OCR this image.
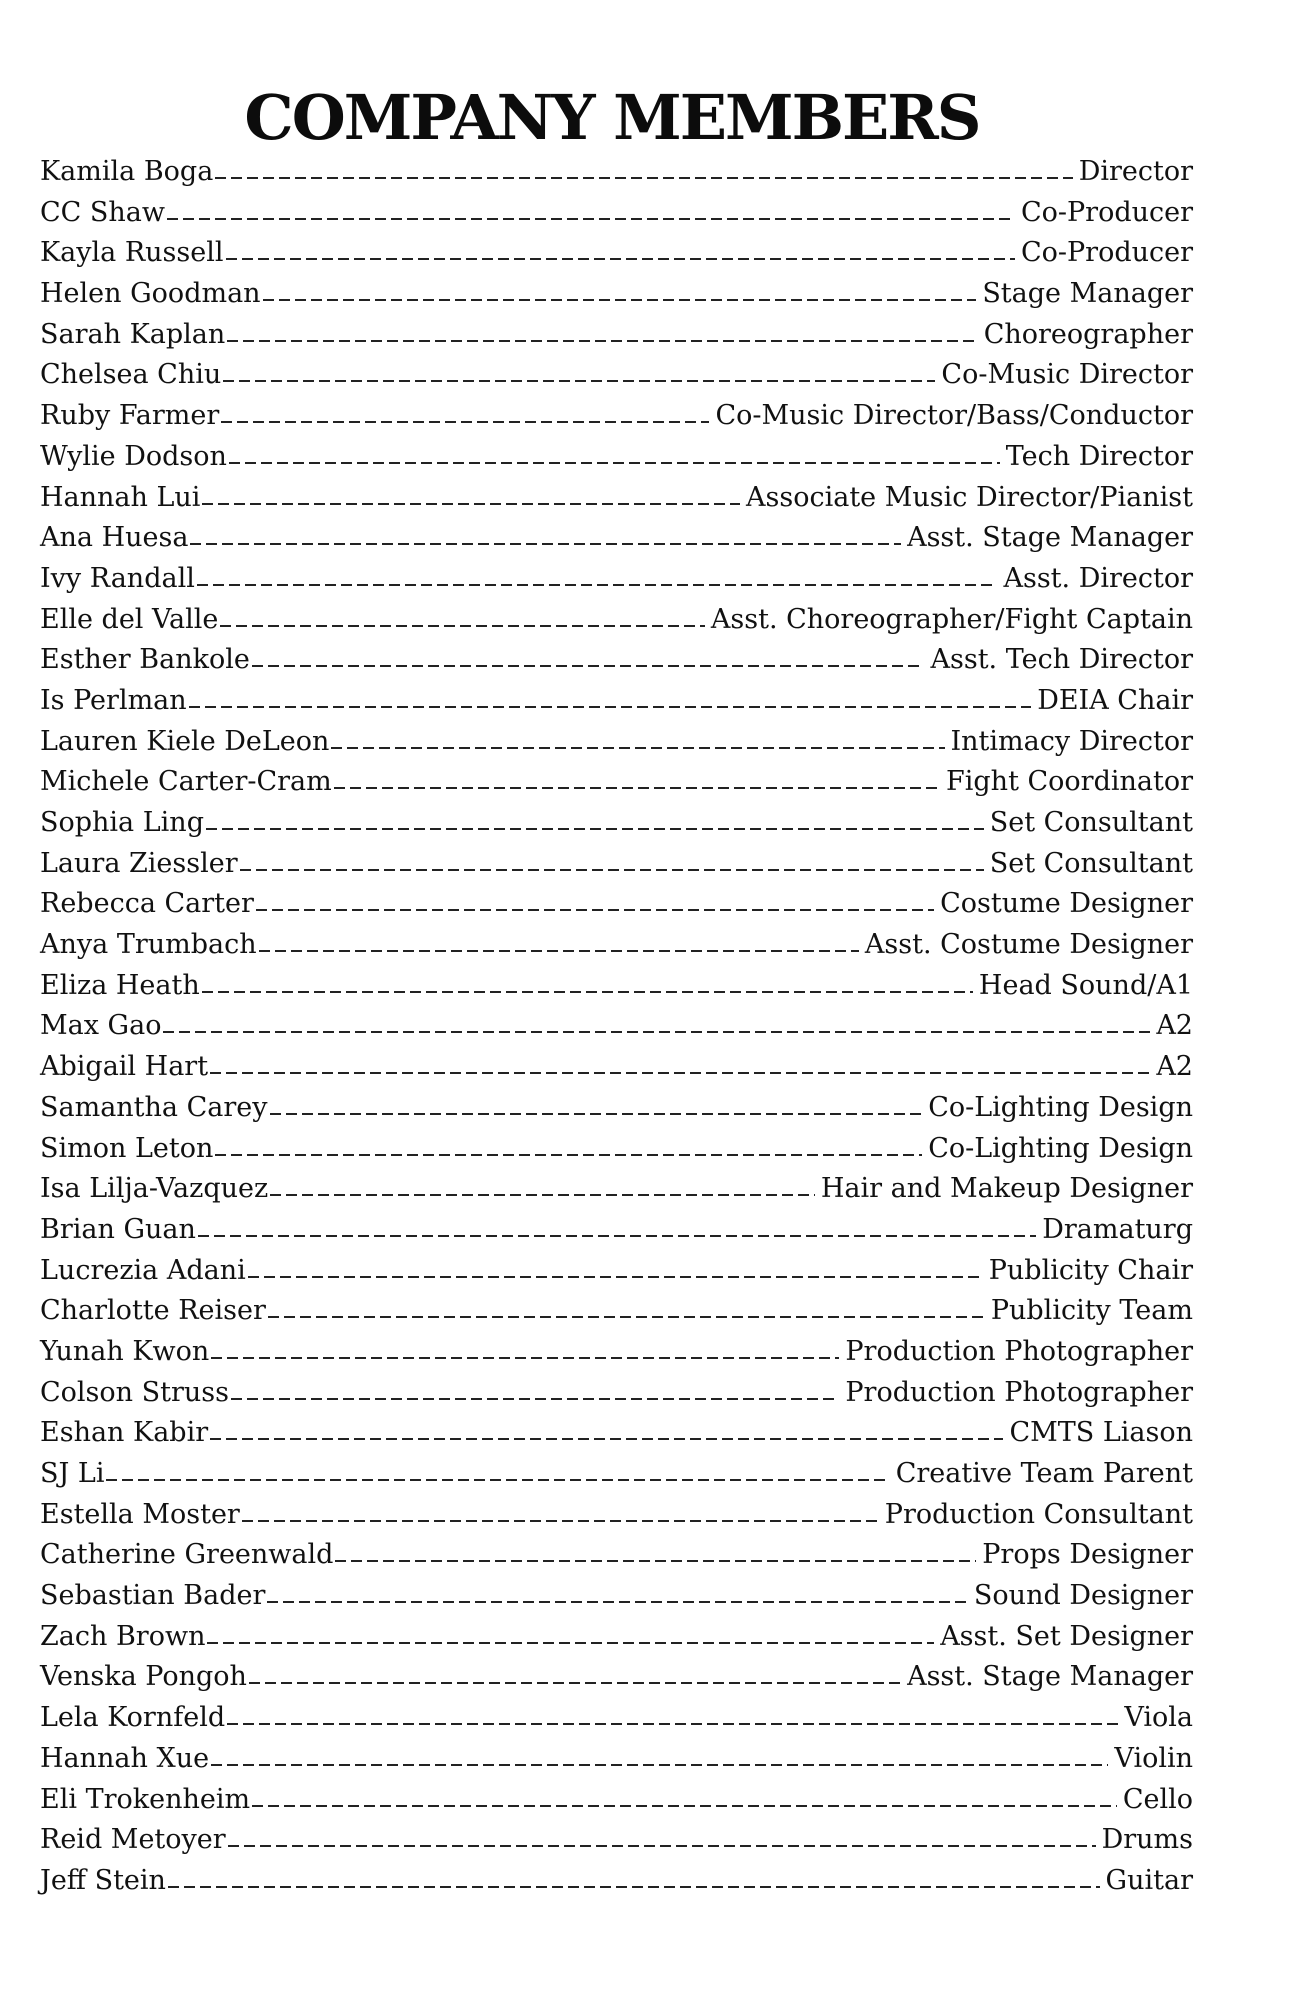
COMPANY MEMBERS
Kamila Boga	Director
CC Shaw	Co-Producer
Kayla Russell	Co-Producer
Helen Goodman	Stage Manager
Sarah Kaplan	Choreographer
Chelsea Chiu	Co-Music Director
Ruby Farmer	Co-Music Director/Bass/Conductor
Wylie Dodson	Tech Director
Hannah Lui	Associate Music Director/Pianist
Ana Huesa	Asst. Stage Manager
Ivy Randall	Asst. Director
Elle del Valle	Asst. Choreographer/Fight Captain
Esther Bankole	Asst. Tech Director
Is Perlman	DEIA Chair
Lauren Kiele DeLeon	Intimacy Director
Michele Carter-Cram	Fight Coordinator
Sophia Ling	Set Consultant
Laura Ziessler	Set Consultant
Rebecca Carter	Costume Designer
Anya Trumbach	Asst. Costume Designer
Eliza Heath	Head Sound/A1
Max Gao	A2
Abigail Hart	A2
Samantha Carey	Co-Lighting Design
Simon Leton	Co-Lighting Design
Isa Lilja-Vazquez	Hair and Makeup Designer
Brian Guan	Dramaturg
Lucrezia Adani	Publicity Chair
Charlotte Reiser	Publicity Team
Yunah Kwon	Production Photographer
Colson Struss	Production Photographer
Eshan Kabir	CMTS Liason
SJ Li	Creative Team Parent
Estella Moster	Production Consultant
Catherine Greenwald	Props Designer
Sebastian Bader	Sound Designer
Zach Brown	Asst. Set Designer
Venska Pongoh	Asst. Stage Manager
Lela Kornfeld	Viola
Hannah Xue	Violin
Eli Trokenheim	Cello
Reid Metoyer	Drums
Jeff Stein	Guitar
